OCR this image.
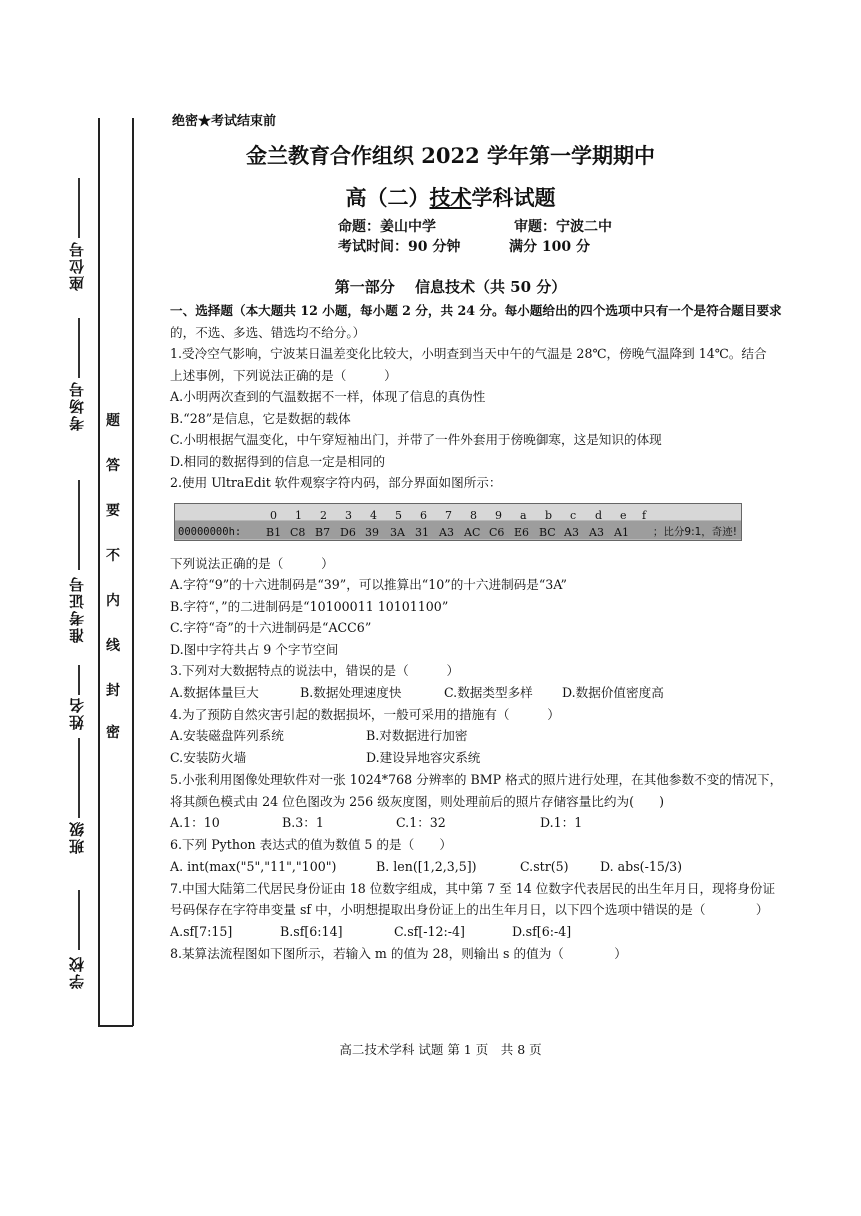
座位号
考场号
准考证号
姓名
班级
学校
题
答
要
不
内
线
封
密
绝密★考试结束前
金兰教育合作组织 2022 学年第一学期期中
高（二）技术学科试题
命题：姜山中学	审题：宁波二中
考试时间：90 分钟	满分 100 分
第一部分　 信息技术（共 50 分）
一、选择题（本大题共 12 小题，每小题 2 分，共 24 分。每小题给出的四个选项中只有一个是符合题目要求
的，不选、多选、错选均不给分。）
1.受冷空气影响，宁波某日温差变化比较大，小明查到当天中午的气温是 28℃，傍晚气温降到 14℃。结合
上述事例，下列说法正确的是（　　　）
A.小明两次查到的气温数据不一样，体现了信息的真伪性
B.“28”是信息，它是数据的载体
C.小明根据气温变化，中午穿短袖出门，并带了一件外套用于傍晚御寒，这是知识的体现
D.相同的数据得到的信息一定是相同的
2.使用 UltraEdit 软件观察字符内码，部分界面如图所示：
0 1 2 3 4 5 6 7 8 9 a b c d e f
00000000h: B1 C8 B7 D6 39 3A 31 A3 AC C6 E6 BC A3 A3 A1 ；比分9:1，奇迹!
下列说法正确的是（　　　）
A.字符“9”的十六进制码是“39”，可以推算出“10”的十六进制码是“3A”
B.字符“，”的二进制码是“10100011 10101100”
C.字符“奇”的十六进制码是“ACC6”
D.图中字符共占 9 个字节空间
3.下列对大数据特点的说法中，错误的是（　　　）
A.数据体量巨大	B.数据处理速度快	C.数据类型多样	D.数据价值密度高
4.为了预防自然灾害引起的数据损坏，一般可采用的措施有（　　　）
A.安装磁盘阵列系统	B.对数据进行加密
C.安装防火墙	D.建设异地容灾系统
5.小张利用图像处理软件对一张 1024*768 分辨率的 BMP 格式的照片进行处理，在其他参数不变的情况下，
将其颜色模式由 24 位色图改为 256 级灰度图，则处理前后的照片存储容量比约为(　　)
A.1：10	B.3：1	C.1：32	D.1：1
6.下列 Python 表达式的值为数值 5 的是（　　）
A. int(max("5","11","100")	B. len([1,2,3,5])	C.str(5)	D. abs(-15/3)
7.中国大陆第二代居民身份证由 18 位数字组成，其中第 7 至 14 位数字代表居民的出生年月日，现将身份证
号码保存在字符串变量 sf 中，小明想提取出身份证上的出生年月日，以下四个选项中错误的是（　　　　）
A.sf[7:15]	B.sf[6:14]	C.sf[-12:-4]	D.sf[6:-4]
8.某算法流程图如下图所示，若输入 m 的值为 28，则输出 s 的值为（　　　　）
高二技术学科 试题 第 1 页　共 8 页
